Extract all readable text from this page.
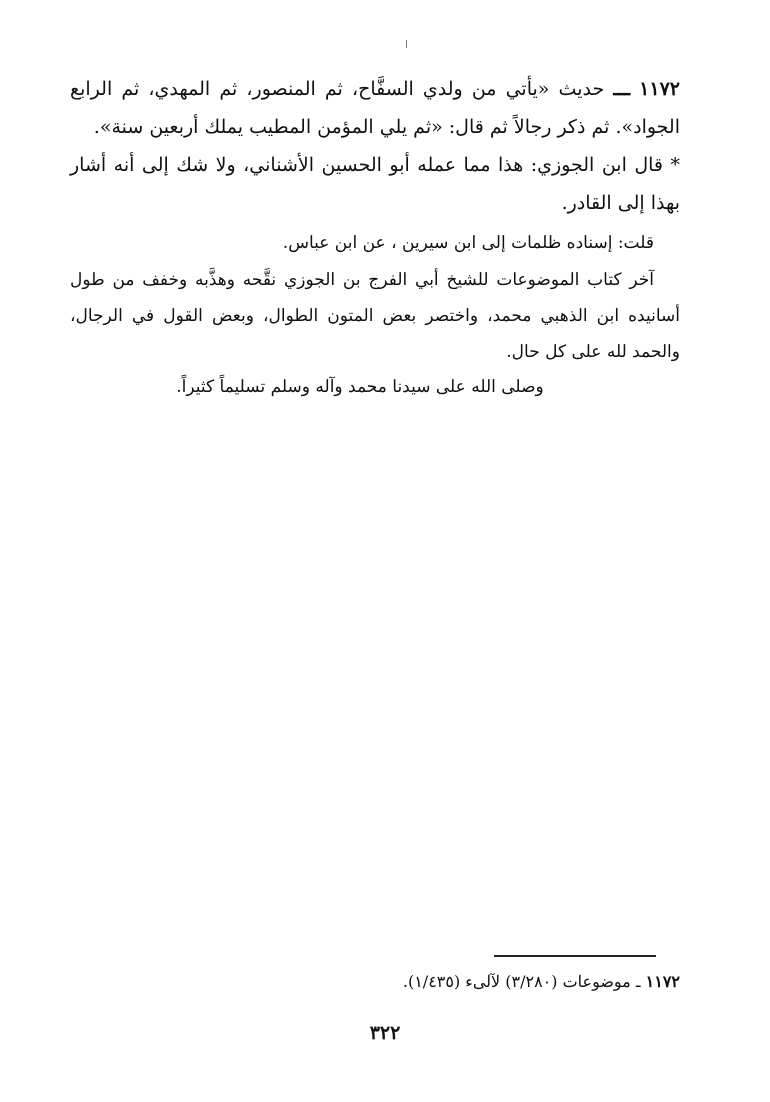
١١٧٢ ـــ حديث «يأتي من ولدي السفَّاح، ثم المنصور، ثم المهدي، ثم الرابع الجواد». ثم ذكر رجالاً ثم قال: «ثم يلي المؤمن المطيب يملك أربعين سنة».

* قال ابن الجوزي: هذا مما عمله أبو الحسين الأشناني، ولا شك إلى أنه أشار بهذا إلى القادر.

قلت: إسناده ظلمات إلى ابن سيرين ، عن ابن عباس.

آخر كتاب الموضوعات للشيخ أبي الفرج بن الجوزي نقَّحه وهذَّبه وخفف من طول أسانيده ابن الذهبي محمد، واختصر بعض المتون الطوال، وبعض القول في الرجال، والحمد لله على كل حال.

وصلى الله على سيدنا محمد وآله وسلم تسليماً كثيراً.

١١٧٢ ـ موضوعات (٣/٢٨٠) لآلىء (١/٤٣٥).

٣٢٢
